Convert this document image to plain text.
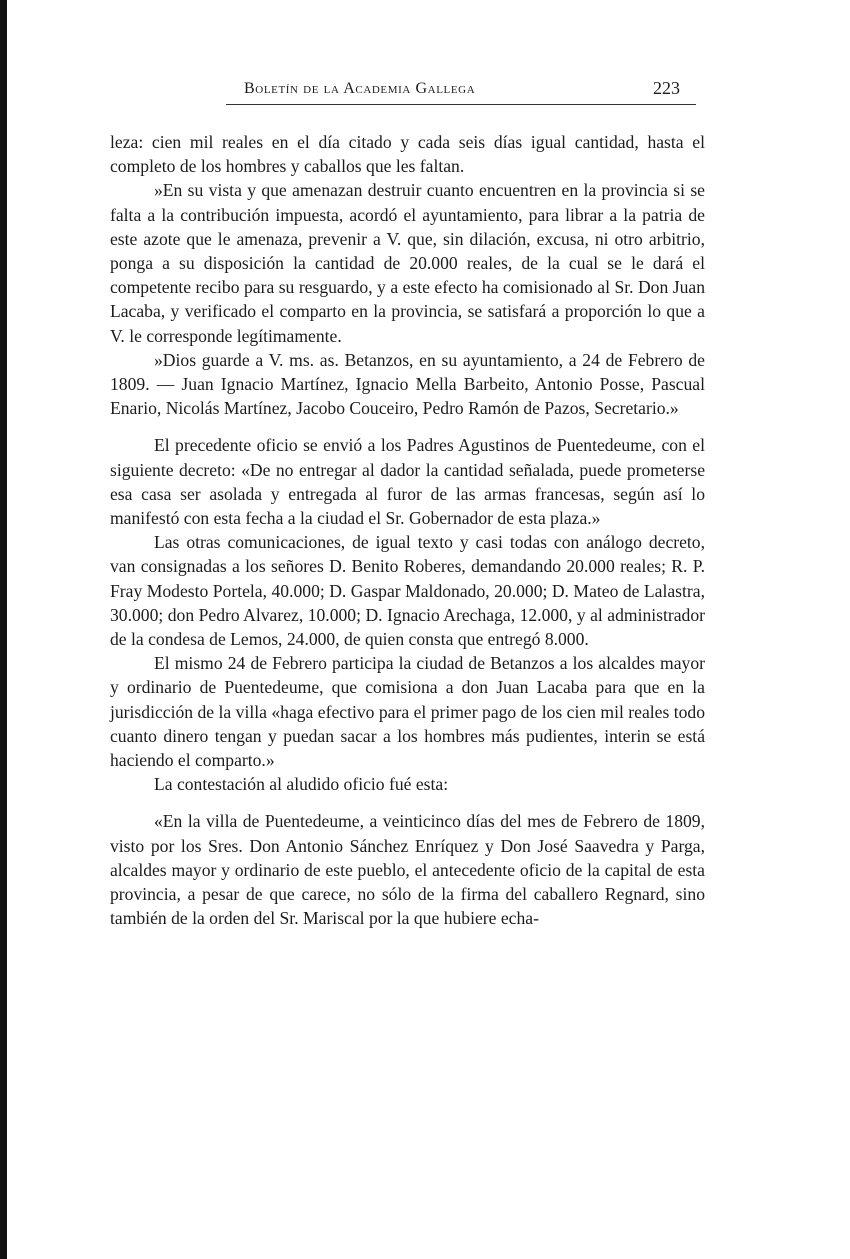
Boletín de la Academia Gallega	223

leza: cien mil reales en el día citado y cada seis días igual cantidad, hasta el completo de los hombres y caballos que les faltan.

»En su vista y que amenazan destruir cuanto encuentren en la provincia si se falta a la contribución impuesta, acordó el ayuntamiento, para librar a la patria de este azote que le amenaza, prevenir a V. que, sin dilación, excusa, ni otro arbitrio, ponga a su disposición la cantidad de 20.000 reales, de la cual se le dará el competente recibo para su resguardo, y a este efecto ha comisionado al Sr. Don Juan Lacaba, y verificado el comparto en la provincia, se satisfará a proporción lo que a V. le corresponde legítimamente.

»Dios guarde a V. ms. as. Betanzos, en su ayuntamiento, a 24 de Febrero de 1809. — Juan Ignacio Martínez, Ignacio Mella Barbeito, Antonio Posse, Pascual Enario, Nicolás Martínez, Jacobo Couceiro, Pedro Ramón de Pazos, Secretario.»

El precedente oficio se envió a los Padres Agustinos de Puentedeume, con el siguiente decreto: «De no entregar al dador la cantidad señalada, puede prometerse esa casa ser asolada y entregada al furor de las armas francesas, según así lo manifestó con esta fecha a la ciudad el Sr. Gobernador de esta plaza.»

Las otras comunicaciones, de igual texto y casi todas con análogo decreto, van consignadas a los señores D. Benito Roberes, demandando 20.000 reales; R. P. Fray Modesto Portela, 40.000; D. Gaspar Maldonado, 20.000; D. Mateo de Lalastra, 30.000; don Pedro Alvarez, 10.000; D. Ignacio Arechaga, 12.000, y al administrador de la condesa de Lemos, 24.000, de quien consta que entregó 8.000.

El mismo 24 de Febrero participa la ciudad de Betanzos a los alcaldes mayor y ordinario de Puentedeume, que comisiona a don Juan Lacaba para que en la jurisdicción de la villa «haga efectivo para el primer pago de los cien mil reales todo cuanto dinero tengan y puedan sacar a los hombres más pudientes, interin se está haciendo el comparto.»

La contestación al aludido oficio fué esta:

«En la villa de Puentedeume, a veinticinco días del mes de Febrero de 1809, visto por los Sres. Don Antonio Sánchez Enríquez y Don José Saavedra y Parga, alcaldes mayor y ordinario de este pueblo, el antecedente oficio de la capital de esta provincia, a pesar de que carece, no sólo de la firma del caballero Regnard, sino también de la orden del Sr. Mariscal por la que hubiere echa-
